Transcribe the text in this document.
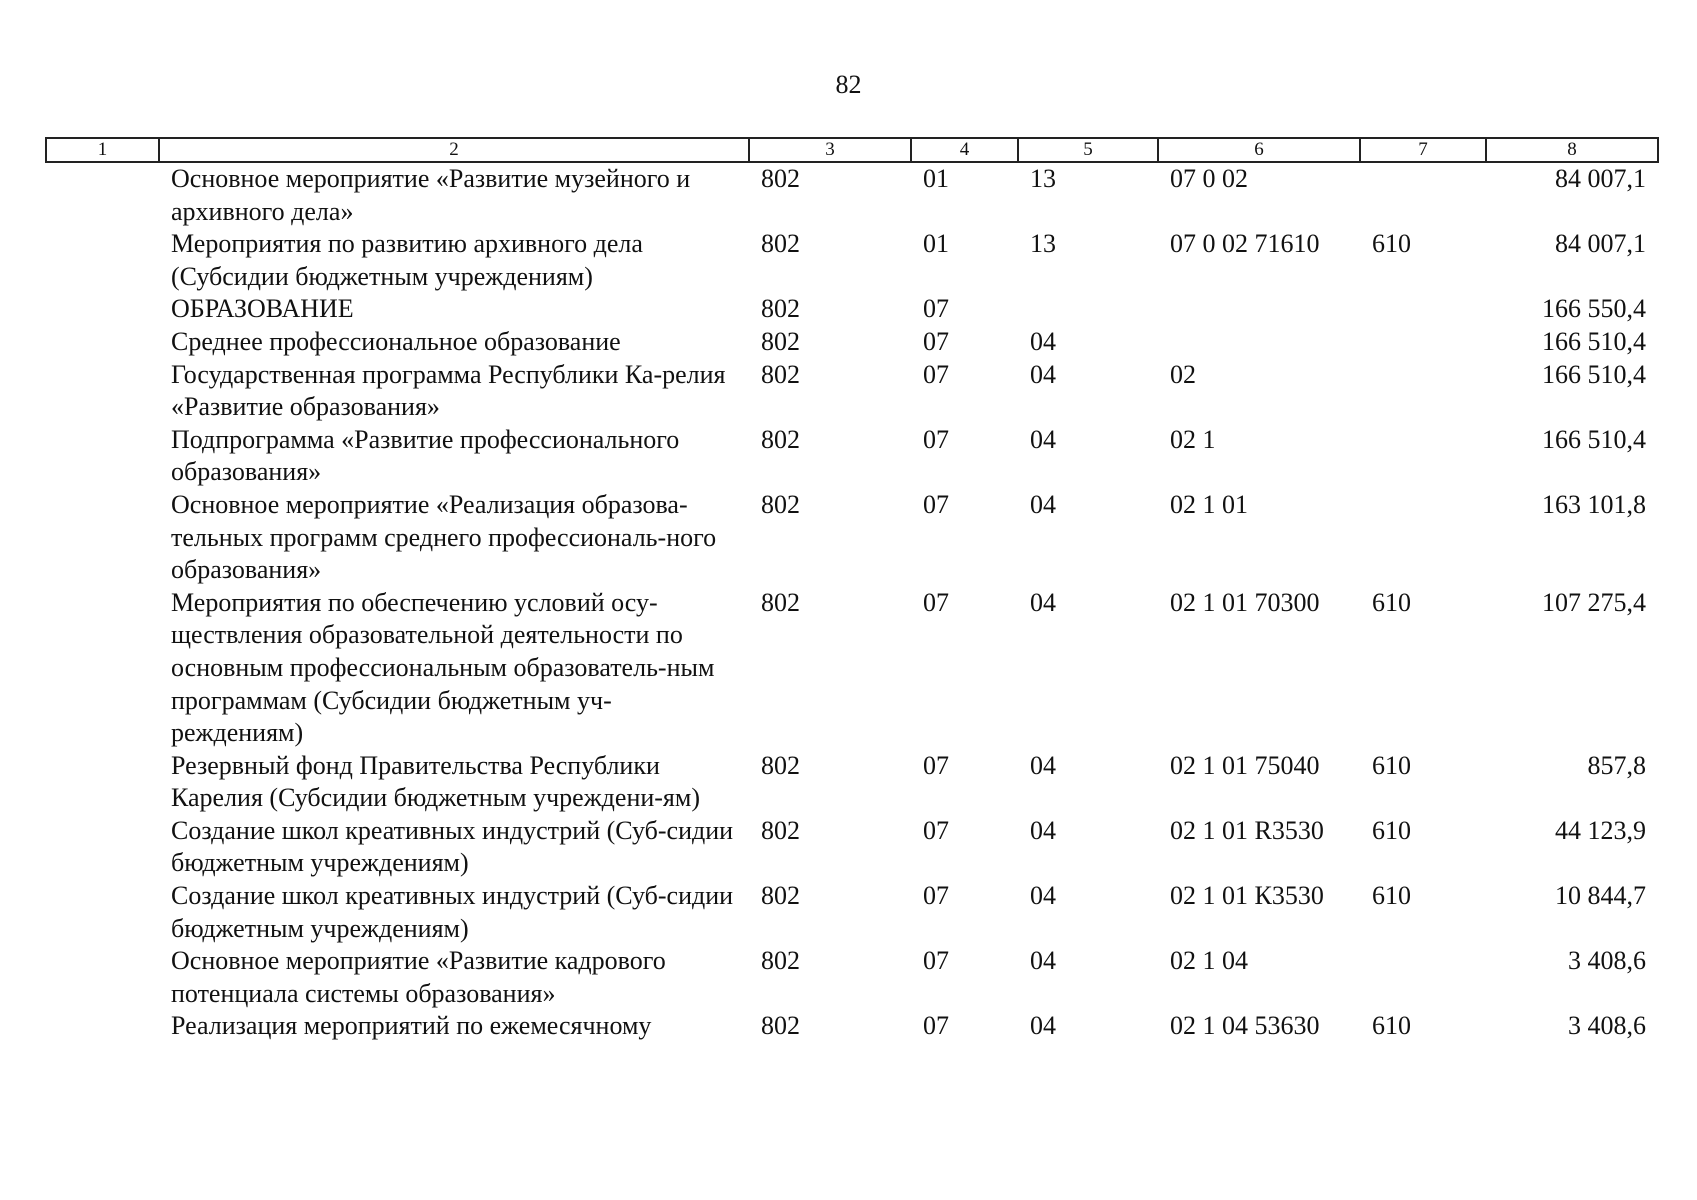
82
1	2	3	4	5	6	7	8
	Основное мероприятие «Развитие музейного и архивного дела»	802	01	13	07 0 02		84 007,1
	Мероприятия по развитию архивного дела (Субсидии бюджетным учреждениям)	802	01	13	07 0 02 71610	610	84 007,1
	ОБРАЗОВАНИЕ	802	07				166 550,4
	Среднее профессиональное образование	802	07	04			166 510,4
	Государственная программа Республики Ка-релия «Развитие образования»	802	07	04	02		166 510,4
	Подпрограмма «Развитие профессионального образования»	802	07	04	02 1		166 510,4
	Основное мероприятие «Реализация образова-тельных программ среднего профессиональ-ного образования»	802	07	04	02 1 01		163 101,8
	Мероприятия по обеспечению условий осу-ществления образовательной деятельности по основным профессиональным образователь-ным программам (Субсидии бюджетным уч-реждениям)	802	07	04	02 1 01 70300	610	107 275,4
	Резервный фонд Правительства Республики Карелия (Субсидии бюджетным учреждени-ям)	802	07	04	02 1 01 75040	610	857,8
	Создание школ креативных индустрий (Суб-сидии бюджетным учреждениям)	802	07	04	02 1 01 R3530	610	44 123,9
	Создание школ креативных индустрий (Суб-сидии бюджетным учреждениям)	802	07	04	02 1 01 К3530	610	10 844,7
	Основное мероприятие «Развитие кадрового потенциала системы образования»	802	07	04	02 1 04		3 408,6
	Реализация мероприятий по ежемесячному	802	07	04	02 1 04 53630	610	3 408,6
